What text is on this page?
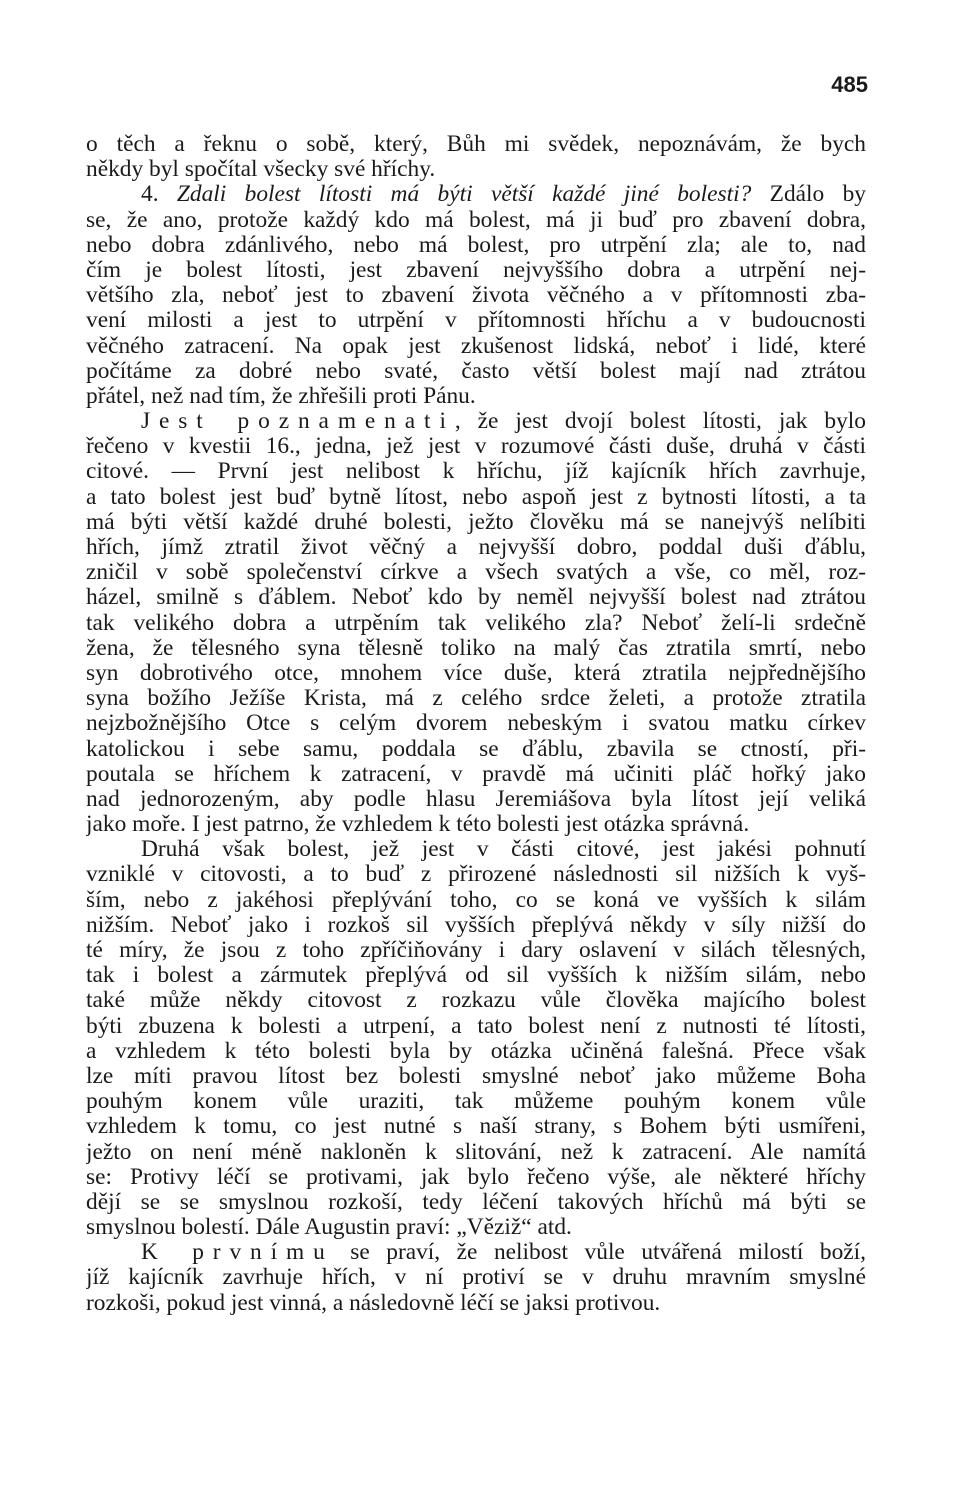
485

o těch a řeknu o sobě, který, Bůh mi svědek, nepoznávám, že bych
někdy byl spočítal všecky své hříchy.
4. Zdali bolest lítosti má býti větší každé jiné bolesti? Zdálo by
se, že ano, protože každý kdo má bolest, má ji buď pro zbavení dobra,
nebo dobra zdánlivého, nebo má bolest, pro utrpění zla; ale to, nad
čím je bolest lítosti, jest zbavení nejvyššího dobra a utrpění nej-
většího zla, neboť jest to zbavení života věčného a v přítomnosti zba-
vení milosti a jest to utrpění v přítomnosti hříchu a v budoucnosti
věčného zatracení. Na opak jest zkušenost lidská, neboť i lidé, které
počítáme za dobré nebo svaté, často větší bolest mají nad ztrátou
přátel, než nad tím, že zhřešili proti Pánu.
Jest poznamenati, že jest dvojí bolest lítosti, jak bylo
řečeno v kvestii 16., jedna, jež jest v rozumové části duše, druhá v části
citové. — První jest nelibost k hříchu, jíž kajícník hřích zavrhuje,
a tato bolest jest buď bytně lítost, nebo aspoň jest z bytnosti lítosti, a ta
má býti větší každé druhé bolesti, ježto člověku má se nanejvýš nelíbiti
hřích, jímž ztratil život věčný a nejvyšší dobro, poddal duši ďáblu,
zničil v sobě společenství církve a všech svatých a vše, co měl, roz-
házel, smilně s ďáblem. Neboť kdo by neměl nejvyšší bolest nad ztrátou
tak velikého dobra a utrpěním tak velikého zla? Neboť želí-li srdečně
žena, že tělesného syna tělesně toliko na malý čas ztratila smrtí, nebo
syn dobrotivého otce, mnohem více duše, která ztratila nejpřednějšího
syna božího Ježíše Krista, má z celého srdce želeti, a protože ztratila
nejzbožnějšího Otce s celým dvorem nebeským i svatou matku církev
katolickou i sebe samu, poddala se ďáblu, zbavila se ctností, při-
poutala se hříchem k zatracení, v pravdě má učiniti pláč hořký jako
nad jednorozeným, aby podle hlasu Jeremiášova byla lítost její veliká
jako moře. I jest patrno, že vzhledem k této bolesti jest otázka správná.
Druhá však bolest, jež jest v části citové, jest jakési pohnutí
vzniklé v citovosti, a to buď z přirozené následnosti sil nižších k vyš-
ším, nebo z jakéhosi přeplývání toho, co se koná ve vyšších k silám
nižším. Neboť jako i rozkoš sil vyšších přeplývá někdy v síly nižší do
té míry, že jsou z toho zpříčiňovány i dary oslavení v silách tělesných,
tak i bolest a zármutek přeplývá od sil vyšších k nižším silám, nebo
také může někdy citovost z rozkazu vůle člověka majícího bolest
býti zbuzena k bolesti a utrpení, a tato bolest není z nutnosti té lítosti,
a vzhledem k této bolesti byla by otázka učiněná falešná. Přece však
lze míti pravou lítost bez bolesti smyslné neboť jako můžeme Boha
pouhým konem vůle uraziti, tak můžeme pouhým konem vůle
vzhledem k tomu, co jest nutné s naší strany, s Bohem býti usmířeni,
ježto on není méně nakloněn k slitování, než k zatracení. Ale namítá
se: Protivy léčí se protivami, jak bylo řečeno výše, ale některé hříchy
dějí se se smyslnou rozkoší, tedy léčení takových hříchů má býti se
smyslnou bolestí. Dále Augustin praví: „Věziž“ atd.
K prvnímu se praví, že nelibost vůle utvářená milostí boží,
jíž kajícník zavrhuje hřích, v ní protiví se v druhu mravním smyslné
rozkoši, pokud jest vinná, a následovně léčí se jaksi protivou.
